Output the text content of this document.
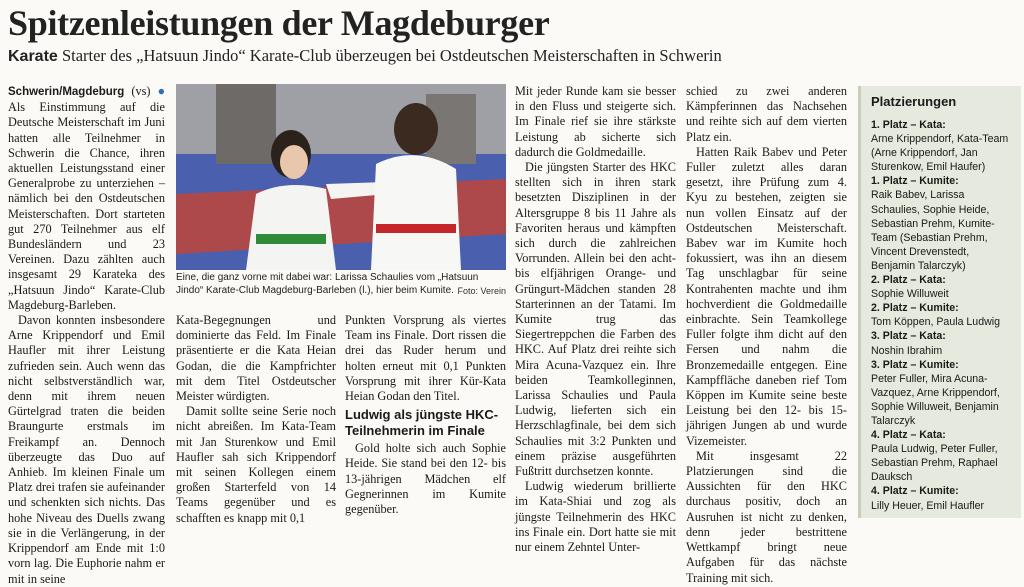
Spitzenleistungen der Magdeburger

Karate Starter des „Hatsuun Jindo“ Karate-Club überzeugen bei Ostdeutschen Meisterschaften in Schwerin

Schwerin/Magdeburg (vs) ● Als Einstimmung auf die Deutsche Meisterschaft im Juni hatten alle Teilnehmer in Schwerin die Chance, ihren aktuellen Leistungsstand einer Generalprobe zu unterziehen – nämlich bei den Ostdeutschen Meisterschaften. Dort starteten gut 270 Teilnehmer aus elf Bundesländern und 23 Vereinen. Dazu zählten auch insgesamt 29 Karateka des „Hatsuun Jindo“ Karate-Club Magdeburg-Barleben.

Davon konnten insbesondere Arne Krippendorf und Emil Haufler mit ihrer Leistung zufrieden sein. Auch wenn das nicht selbstverständlich war, denn mit ihrem neuen Gürtelgrad traten die beiden Braungurte erstmals im Freikampf an. Dennoch überzeugte das Duo auf Anhieb. Im kleinen Finale um Platz drei trafen sie aufeinander und schenkten sich nichts. Das hohe Niveau des Duells zwang sie in die Verlängerung, in der Krippendorf am Ende mit 1:0 vorn lag. Die Euphorie nahm er mit in seine

Eine, die ganz vorne mit dabei war: Larissa Schaulies vom „Hatsuun Jindo“ Karate-Club Magdeburg-Barleben (l.), hier beim Kumite. Foto: Verein

Kata-Begegnungen und dominierte das Feld. Im Finale präsentierte er die Kata Heian Godan, die die Kampfrichter mit dem Titel Ostdeutscher Meister würdigten.

Damit sollte seine Serie noch nicht abreißen. Im Kata-Team mit Jan Sturenkow und Emil Haufler sah sich Krippendorf mit seinen Kollegen einem großen Starterfeld von 14 Teams gegenüber und es schafften es knapp mit 0,1

Punkten Vorsprung als viertes Team ins Finale. Dort rissen die drei das Ruder herum und holten erneut mit 0,1 Punkten Vorsprung mit ihrer Kür-Kata Heian Godan den Titel.

Ludwig als jüngste HKC-Teilnehmerin im Finale

Gold holte sich auch Sophie Heide. Sie stand bei den 12- bis 13-jährigen Mädchen elf Gegnerinnen im Kumite gegenüber.

Mit jeder Runde kam sie besser in den Fluss und steigerte sich. Im Finale rief sie ihre stärkste Leistung ab sicherte sich dadurch die Goldmedaille.

Die jüngsten Starter des HKC stellten sich in ihren stark besetzten Disziplinen in der Altersgruppe 8 bis 11 Jahre als Favoriten heraus und kämpften sich durch die zahlreichen Vorrunden. Allein bei den acht- bis elfjährigen Orange- und Grüngurt-Mädchen standen 28 Starterinnen an der Tatami. Im Kumite trug das Siegertreppchen die Farben des HKC. Auf Platz drei reihte sich Mira Acuna-Vazquez ein. Ihre beiden Teamkolleginnen, Larissa Schaulies und Paula Ludwig, lieferten sich ein Herzschlagfinale, bei dem sich Schaulies mit 3:2 Punkten und einem präzise ausgeführten Fußtritt durchsetzen konnte.

Ludwig wiederum brillierte im Kata-Shiai und zog als jüngste Teilnehmerin des HKC ins Finale ein. Dort hatte sie mit nur einem Zehntel Unter-

schied zu zwei anderen Kämpferinnen das Nachsehen und reihte sich auf dem vierten Platz ein.

Hatten Raik Babev und Peter Fuller zuletzt alles daran gesetzt, ihre Prüfung zum 4. Kyu zu bestehen, zeigten sie nun vollen Einsatz auf der Ostdeutschen Meisterschaft. Babev war im Kumite hoch fokussiert, was ihn an diesem Tag unschlagbar für seine Kontrahenten machte und ihm hochverdient die Goldmedaille einbrachte. Sein Teamkollege Fuller folgte ihm dicht auf den Fersen und nahm die Bronzemedaille entgegen. Eine Kampffläche daneben rief Tom Köppen im Kumite seine beste Leistung bei den 12- bis 15-jährigen Jungen ab und wurde Vizemeister.

Mit insgesamt 22 Platzierungen sind die Aussichten für den HKC durchaus positiv, doch an Ausruhen ist nicht zu denken, denn jeder bestrittene Wettkampf bringt neue Aufgaben für das nächste Training mit sich.

Platzierungen
1. Platz – Kata:
Arne Krippendorf, Kata-Team (Arne Krippendorf, Jan Sturenkow, Emil Haufer)
1. Platz – Kumite:
Raik Babev, Larissa Schaulies, Sophie Heide, Sebastian Prehm, Kumite-Team (Sebastian Prehm, Vincent Drevenstedt, Benjamin Talarczyk)
2. Platz – Kata:
Sophie Willuweit
2. Platz – Kumite:
Tom Köppen, Paula Ludwig
3. Platz – Kata:
Noshin Ibrahim
3. Platz – Kumite:
Peter Fuller, Mira Acuna-Vazquez, Arne Krippendorf, Sophie Willuweit, Benjamin Talarczyk
4. Platz – Kata:
Paula Ludwig, Peter Fuller, Sebastian Prehm, Raphael Dauksch
4. Platz – Kumite:
Lilly Heuer, Emil Haufler
